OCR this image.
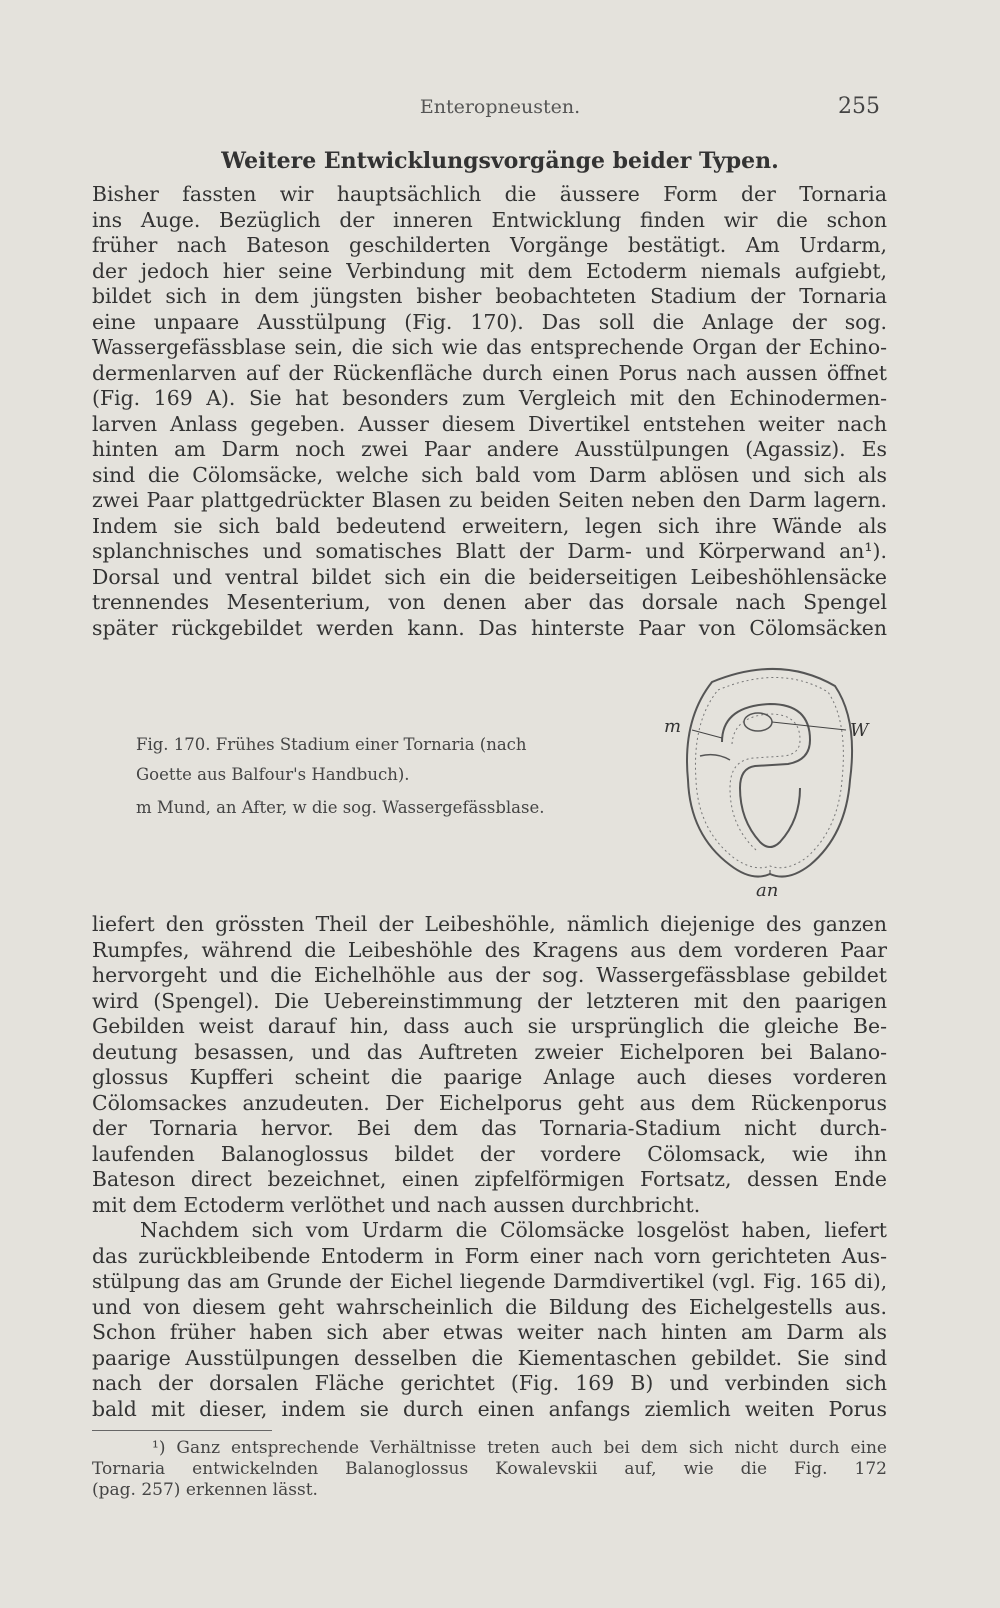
Enteropneusten.	255
Weitere Entwicklungsvorgänge beider Typen.
Bisher fassten wir hauptsächlich die äussere Form der Tornaria
ins Auge. Bezüglich der inneren Entwicklung finden wir die schon
früher nach Bateson geschilderten Vorgänge bestätigt. Am Urdarm,
der jedoch hier seine Verbindung mit dem Ectoderm niemals aufgiebt,
bildet sich in dem jüngsten bisher beobachteten Stadium der Tornaria
eine unpaare Ausstülpung (Fig. 170). Das soll die Anlage der sog.
Wassergefässblase sein, die sich wie das entsprechende Organ der Echino-
dermenlarven auf der Rückenfläche durch einen Porus nach aussen öffnet
(Fig. 169 A). Sie hat besonders zum Vergleich mit den Echinodermen-
larven Anlass gegeben. Ausser diesem Divertikel entstehen weiter nach
hinten am Darm noch zwei Paar andere Ausstülpungen (Agassiz). Es
sind die Cölomsäcke, welche sich bald vom Darm ablösen und sich als
zwei Paar plattgedrückter Blasen zu beiden Seiten neben den Darm lagern.
Indem sie sich bald bedeutend erweitern, legen sich ihre Wände als
splanchnisches und somatisches Blatt der Darm- und Körperwand an¹).
Dorsal und ventral bildet sich ein die beiderseitigen Leibeshöhlensäcke
trennendes Mesenterium, von denen aber das dorsale nach Spengel
später rückgebildet werden kann. Das hinterste Paar von Cölomsäcken
Fig. 170. Frühes Stadium einer Tornaria (nach
Goette aus Balfour's Handbuch).
m Mund, an After, w die sog. Wassergefässblase.
m	W
an
liefert den grössten Theil der Leibeshöhle, nämlich diejenige des ganzen
Rumpfes, während die Leibeshöhle des Kragens aus dem vorderen Paar
hervorgeht und die Eichelhöhle aus der sog. Wassergefässblase gebildet
wird (Spengel). Die Uebereinstimmung der letzteren mit den paarigen
Gebilden weist darauf hin, dass auch sie ursprünglich die gleiche Be-
deutung besassen, und das Auftreten zweier Eichelporen bei Balano-
glossus Kupfferi scheint die paarige Anlage auch dieses vorderen
Cölomsackes anzudeuten. Der Eichelporus geht aus dem Rückenporus
der Tornaria hervor. Bei dem das Tornaria-Stadium nicht durch-
laufenden Balanoglossus bildet der vordere Cölomsack, wie ihn
Bateson direct bezeichnet, einen zipfelförmigen Fortsatz, dessen Ende
mit dem Ectoderm verlöthet und nach aussen durchbricht.
Nachdem sich vom Urdarm die Cölomsäcke losgelöst haben, liefert
das zurückbleibende Entoderm in Form einer nach vorn gerichteten Aus-
stülpung das am Grunde der Eichel liegende Darmdivertikel (vgl. Fig. 165 di),
und von diesem geht wahrscheinlich die Bildung des Eichelgestells aus.
Schon früher haben sich aber etwas weiter nach hinten am Darm als
paarige Ausstülpungen desselben die Kiementaschen gebildet. Sie sind
nach der dorsalen Fläche gerichtet (Fig. 169 B) und verbinden sich
bald mit dieser, indem sie durch einen anfangs ziemlich weiten Porus
¹) Ganz entsprechende Verhältnisse treten auch bei dem sich nicht durch eine
Tornaria entwickelnden Balanoglossus Kowalevskii auf, wie die Fig. 172
(pag. 257) erkennen lässt.
